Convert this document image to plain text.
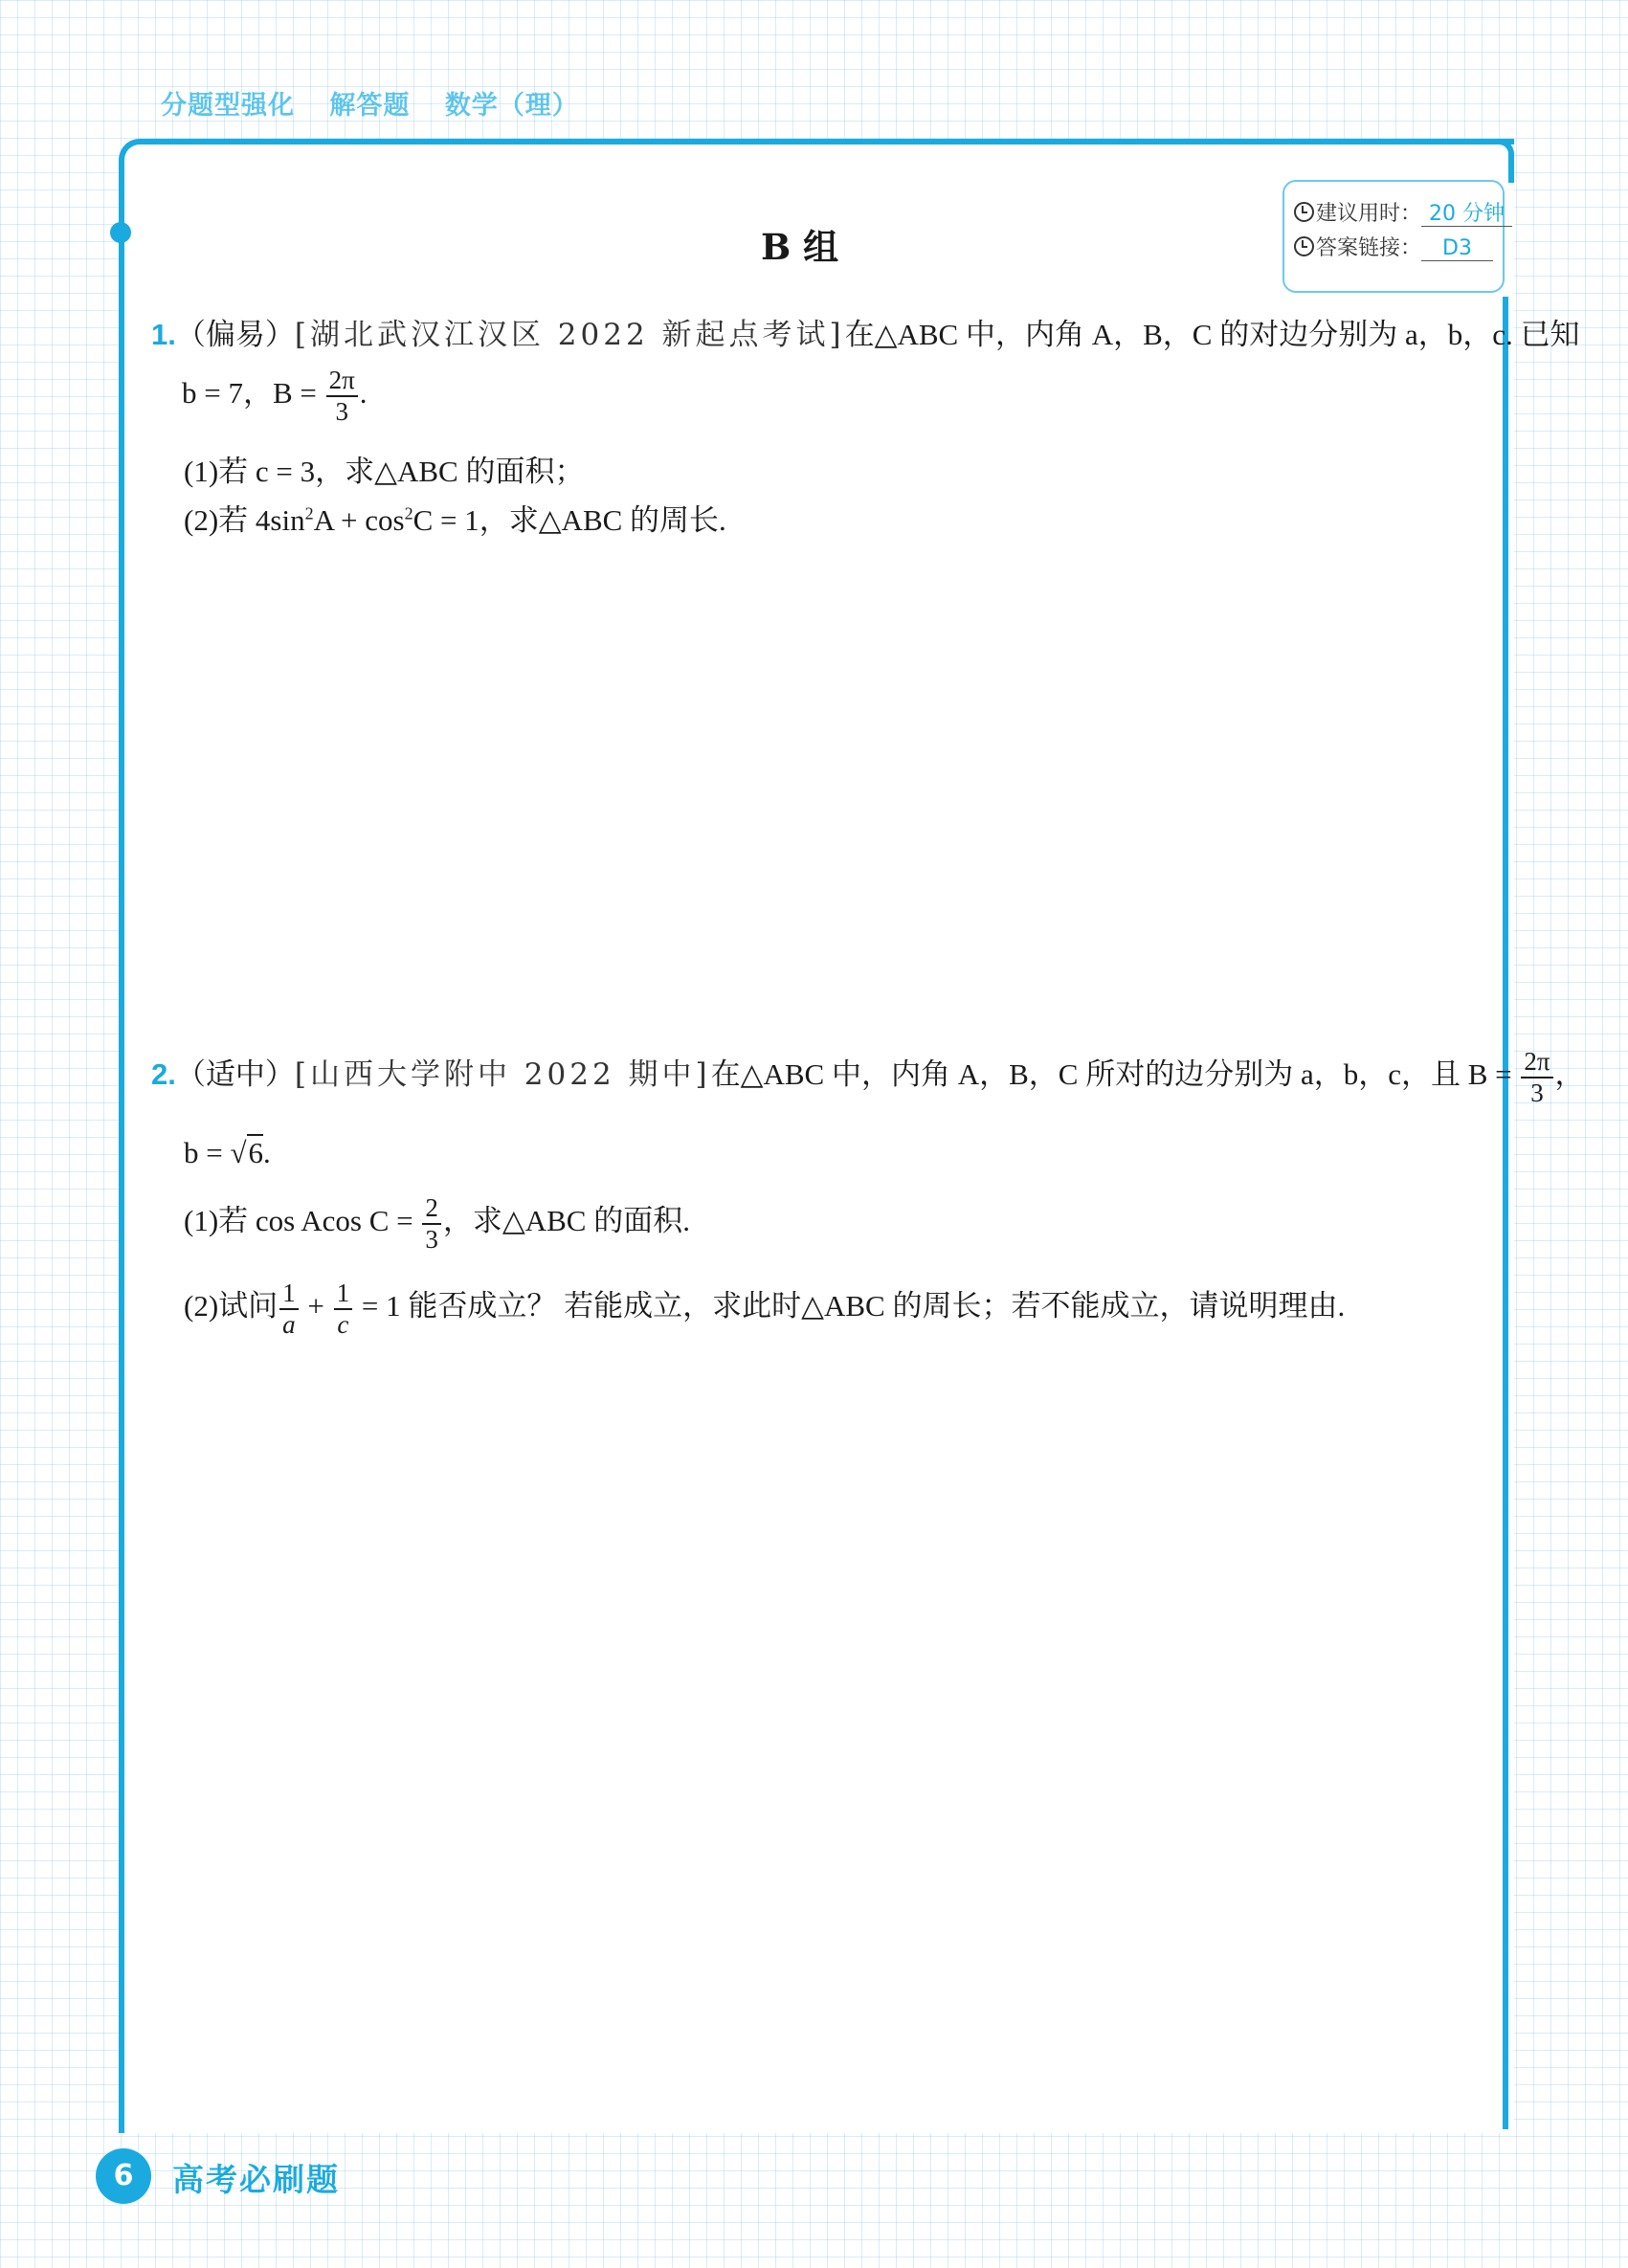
分题型强化 解答题 数学（理）
建议用时： 20 分钟
答案链接： D3
B 组
1.（偏易）[湖北武汉江汉区 2022 新起点考试]在△ABC 中，内角 A，B，C 的对边分别为 a，b，c. 已知
b = 7，$B = \frac{2\pi}{3}$ .
(1)若 c = 3，求△ABC 的面积；
(2)若 $4\sin^2A + \cos^2C = 1$，求△ABC 的周长.
2.（适中）[山西大学附中 2022 期中]在△ABC 中，内角 A，B，C 所对的边分别为 a，b，c，且 $B = \frac{2\pi}{3}$ ，
b = √6.
(1)若 cos Acos $C = \frac{2}{3}$ ，求△ABC 的面积.
(2)试问 $\frac{1}{a} + \frac{1}{c} = 1$ 能否成立？ 若能成立，求此时△ABC 的周长；若不能成立，请说明理由.
6	高考必刷题
